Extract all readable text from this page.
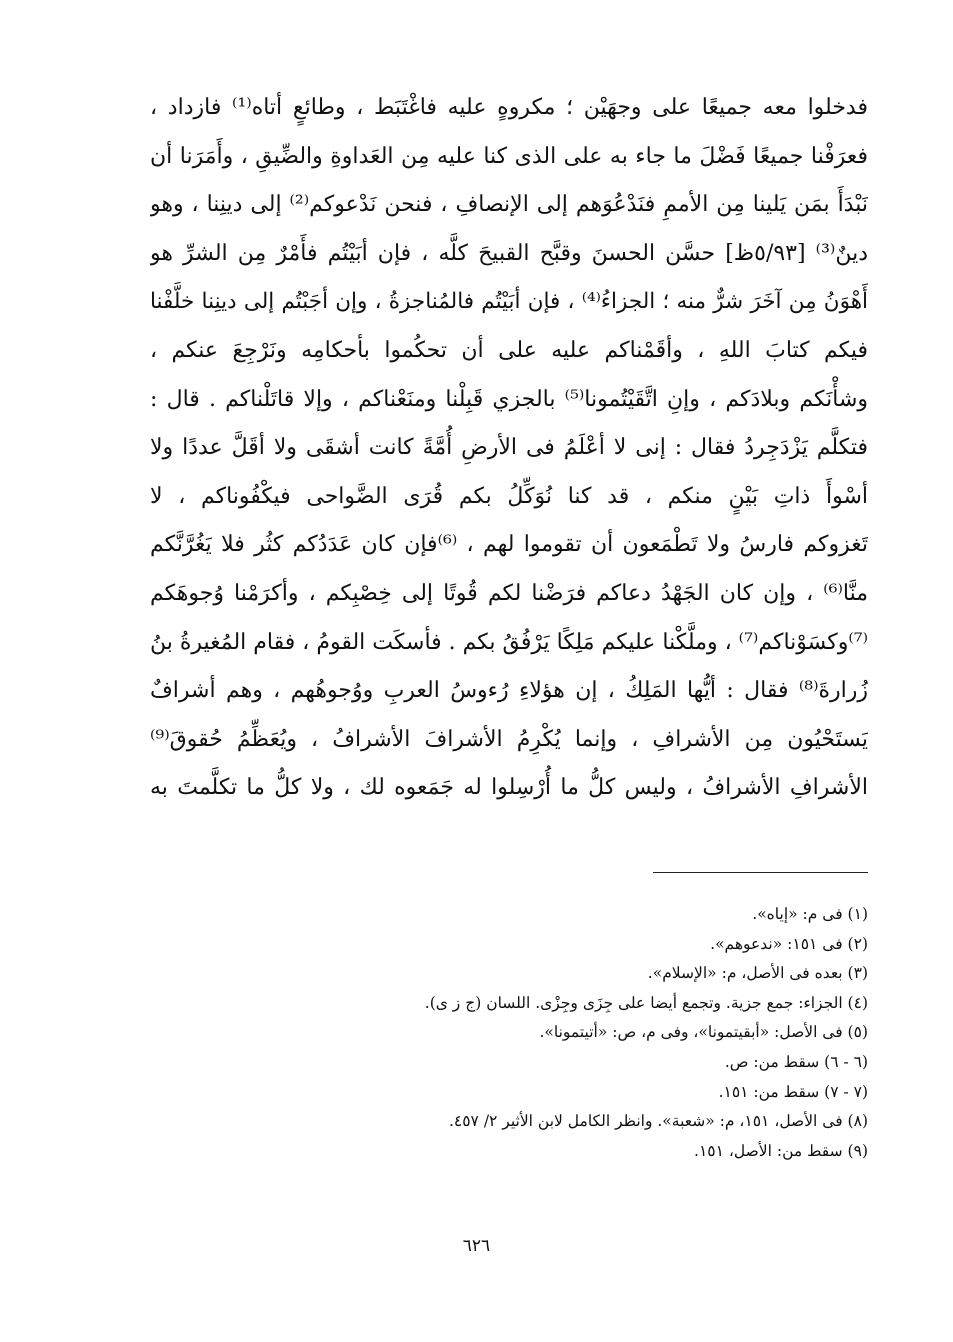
فدخلوا معه جميعًا على وجهَيْن ؛ مكروهٍ عليه فاغْتَبَط ، وطائعٍ أتاه⁽¹⁾ فازداد ،
فعرَفْنا جميعًا فَضْلَ ما جاء به على الذى كنا عليه مِن العَداوةِ والضِّيقِ ، وأَمَرَنا أن
نَبْدَأَ بمَن يَلينا مِن الأممِ فنَدْعُوَهم إلى الإنصافِ ، فنحن نَدْعوكم⁽²⁾ إلى دينِنا ، وهو
دينٌ⁽³⁾ [٥/٩٣ظ] حسَّن الحسنَ وقبَّح القبيحَ كلَّه ، فإن أبَيْتُم فأَمْرٌ مِن الشرِّ هو
أَهْوَنُ مِن آخَرَ شرٌّ منه ؛ الجزاءُ⁽⁴⁾ ، فإن أبَيْتُم فالمُناجزةُ ، وإن أجَبْتُم إلى دينِنا خلَّفْنا
فيكم كتابَ اللهِ ، وأقَمْناكم عليه على أن تحكُموا بأحكامِه ونَرْجِعَ عنكم ،
وشأْنَكم وبلادَكم ، وإنِ اتَّقَيْتُمونا⁽⁵⁾ بالجزي قَبِلْنا ومنَعْناكم ، وإلا قاتَلْناكم . قال :
فتكلَّم يَزْدَجِردُ فقال : إنى لا أعْلَمُ فى الأرضِ أُمَّةً كانت أشقَى ولا أقَلَّ عددًا ولا
أسْوأَ ذاتِ بَيْنٍ منكم ، قد كنا نُوَكِّلُ بكم قُرَى الضَّواحى فيكْفُوناكم ، لا
تَغزوكم فارسُ ولا تَطْمَعون أن تقوموا لهم ، ⁽⁶⁾فإن كان عَدَدُكم كثُر فلا يَغُرَّنَّكم
منَّا⁽⁶⁾ ، وإن كان الجَهْدُ دعاكم فرَضْنا لكم قُوتًا إلى خِصْبِكم ، وأكرَمْنا وُجوهَكم
⁽⁷⁾وكسَوْناكم⁽⁷⁾ ، وملَّكْنا عليكم مَلِكًا يَرْفُقُ بكم . فأسكَت القومُ ، فقام المُغيرةُ بنُ
زُرارةَ⁽⁸⁾ فقال : أيُّها المَلِكُ ، إن هؤلاءِ رُءوسُ العربِ ووُجوهُهم ، وهم أشرافٌ
يَستَحْيُون مِن الأشرافِ ، وإنما يُكْرِمُ الأشرافَ الأشرافُ ، ويُعَظِّمُ حُقوقَ⁽⁹⁾
الأشرافِ الأشرافُ ، وليس كلُّ ما أُرْسِلوا له جَمَعوه لك ، ولا كلُّ ما تكلَّمتَ به
(١) فى م: «إياه».
(٢) فى ١٥١: «ندعوهم».
(٣) بعده فى الأصل، م: «الإسلام».
(٤) الجزاء: جمع جزية. وتجمع أيضا على جِزَى وجِزْى. اللسان (ج ز ى).
(٥) فى الأصل: «أبقيتمونا»، وفى م، ص: «أتيتمونا».
(٦ - ٦) سقط من: ص.
(٧ - ٧) سقط من: ١٥١.
(٨) فى الأصل، ١٥١، م: «شعبة». وانظر الكامل لابن الأثير ٢/ ٤٥٧.
(٩) سقط من: الأصل، ١٥١.
٦٢٦
